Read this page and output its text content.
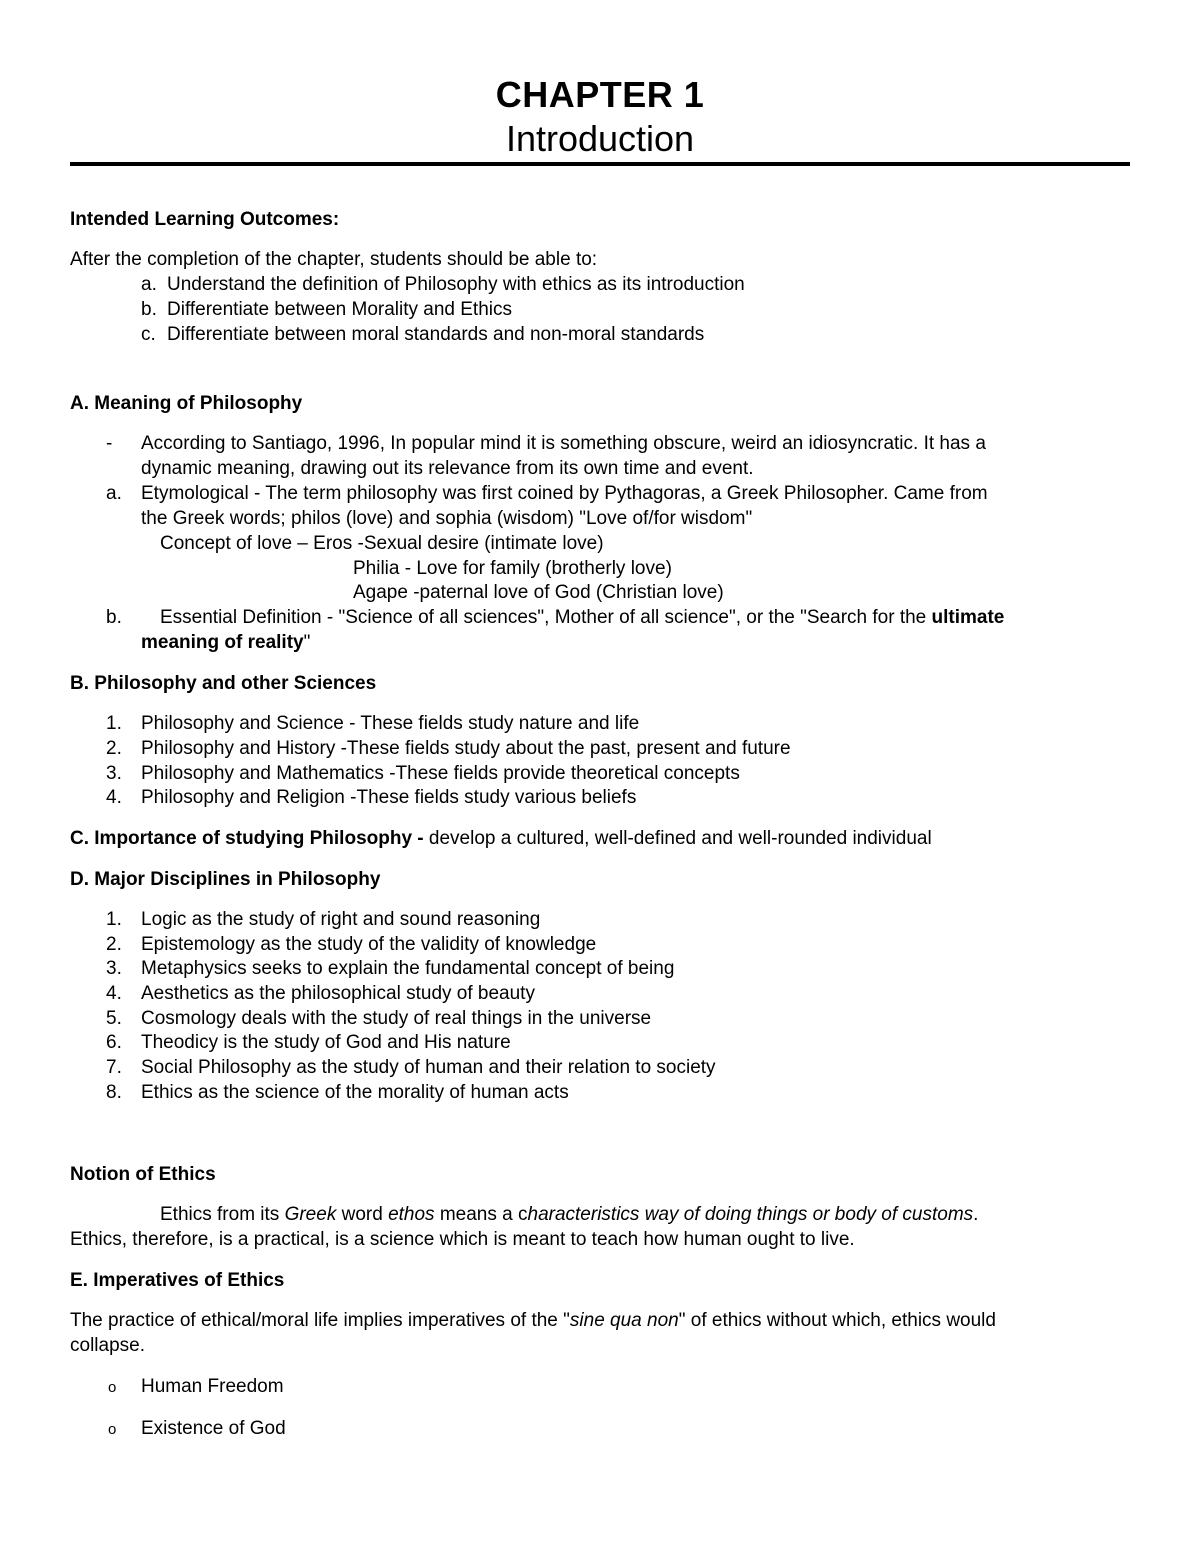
CHAPTER 1
Introduction
Intended Learning Outcomes:
After the completion of the chapter, students should be able to:
a. Understand the definition of Philosophy with ethics as its introduction
b. Differentiate between Morality and Ethics
c. Differentiate between moral standards and non-moral standards
A. Meaning of Philosophy
- According to Santiago, 1996, In popular mind it is something obscure, weird an idiosyncratic. It has a
dynamic meaning, drawing out its relevance from its own time and event.
a. Etymological - The term philosophy was first coined by Pythagoras, a Greek Philosopher. Came from
the Greek words; philos (love) and sophia (wisdom) "Love of/for wisdom"
Concept of love – Eros -Sexual desire (intimate love)
Philia - Love for family (brotherly love)
Agape -paternal love of God (Christian love)
b. Essential Definition - "Science of all sciences", Mother of all science", or the "Search for the ultimate
meaning of reality"
B. Philosophy and other Sciences
1. Philosophy and Science - These fields study nature and life
2. Philosophy and History -These fields study about the past, present and future
3. Philosophy and Mathematics -These fields provide theoretical concepts
4. Philosophy and Religion -These fields study various beliefs
C. Importance of studying Philosophy - develop a cultured, well-defined and well-rounded individual
D. Major Disciplines in Philosophy
1. Logic as the study of right and sound reasoning
2. Epistemology as the study of the validity of knowledge
3. Metaphysics seeks to explain the fundamental concept of being
4. Aesthetics as the philosophical study of beauty
5. Cosmology deals with the study of real things in the universe
6. Theodicy is the study of God and His nature
7. Social Philosophy as the study of human and their relation to society
8. Ethics as the science of the morality of human acts
Notion of Ethics
Ethics from its Greek word ethos means a characteristics way of doing things or body of customs.
Ethics, therefore, is a practical, is a science which is meant to teach how human ought to live.
E. Imperatives of Ethics
The practice of ethical/moral life implies imperatives of the "sine qua non" of ethics without which, ethics would
collapse.
o Human Freedom
o Existence of God
